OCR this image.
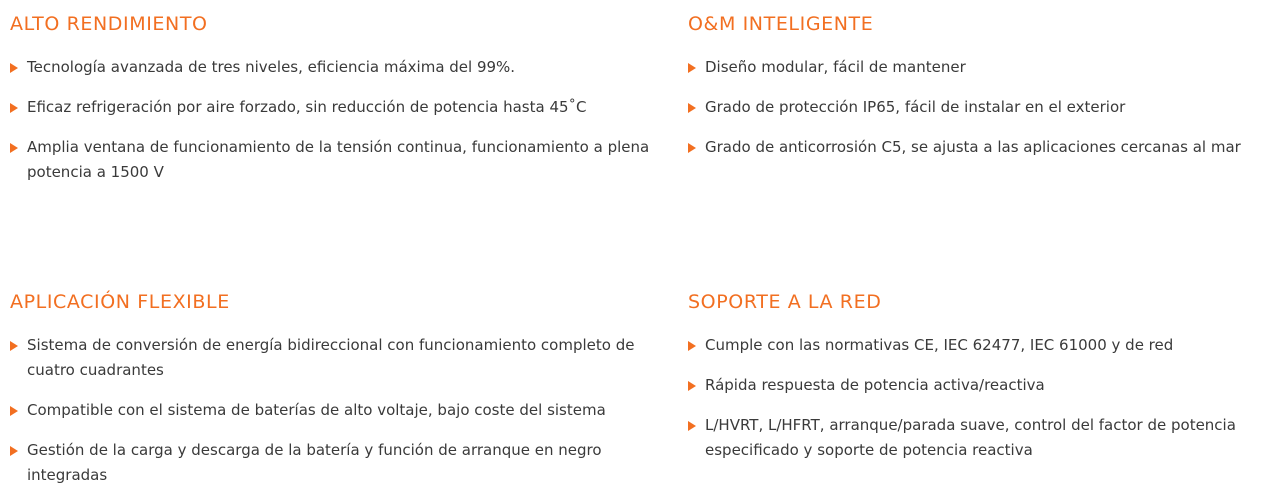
ALTO RENDIMIENTO
Tecnología avanzada de tres niveles, eficiencia máxima del 99%.
Eficaz refrigeración por aire forzado, sin reducción de potencia hasta 45˚C
Amplia ventana de funcionamiento de la tensión continua, funcionamiento a plena potencia a 1500 V
O&M INTELIGENTE
Diseño modular, fácil de mantener
Grado de protección IP65, fácil de instalar en el exterior
Grado de anticorrosión C5, se ajusta a las aplicaciones cercanas al mar
APLICACIÓN FLEXIBLE
Sistema de conversión de energía bidireccional con funcionamiento completo de cuatro cuadrantes
Compatible con el sistema de baterías de alto voltaje, bajo coste del sistema
Gestión de la carga y descarga de la batería y función de arranque en negro integradas
SOPORTE A LA RED
Cumple con las normativas CE, IEC 62477, IEC 61000 y de red
Rápida respuesta de potencia activa/reactiva
L/HVRT, L/HFRT, arranque/parada suave, control del factor de potencia especificado y soporte de potencia reactiva
